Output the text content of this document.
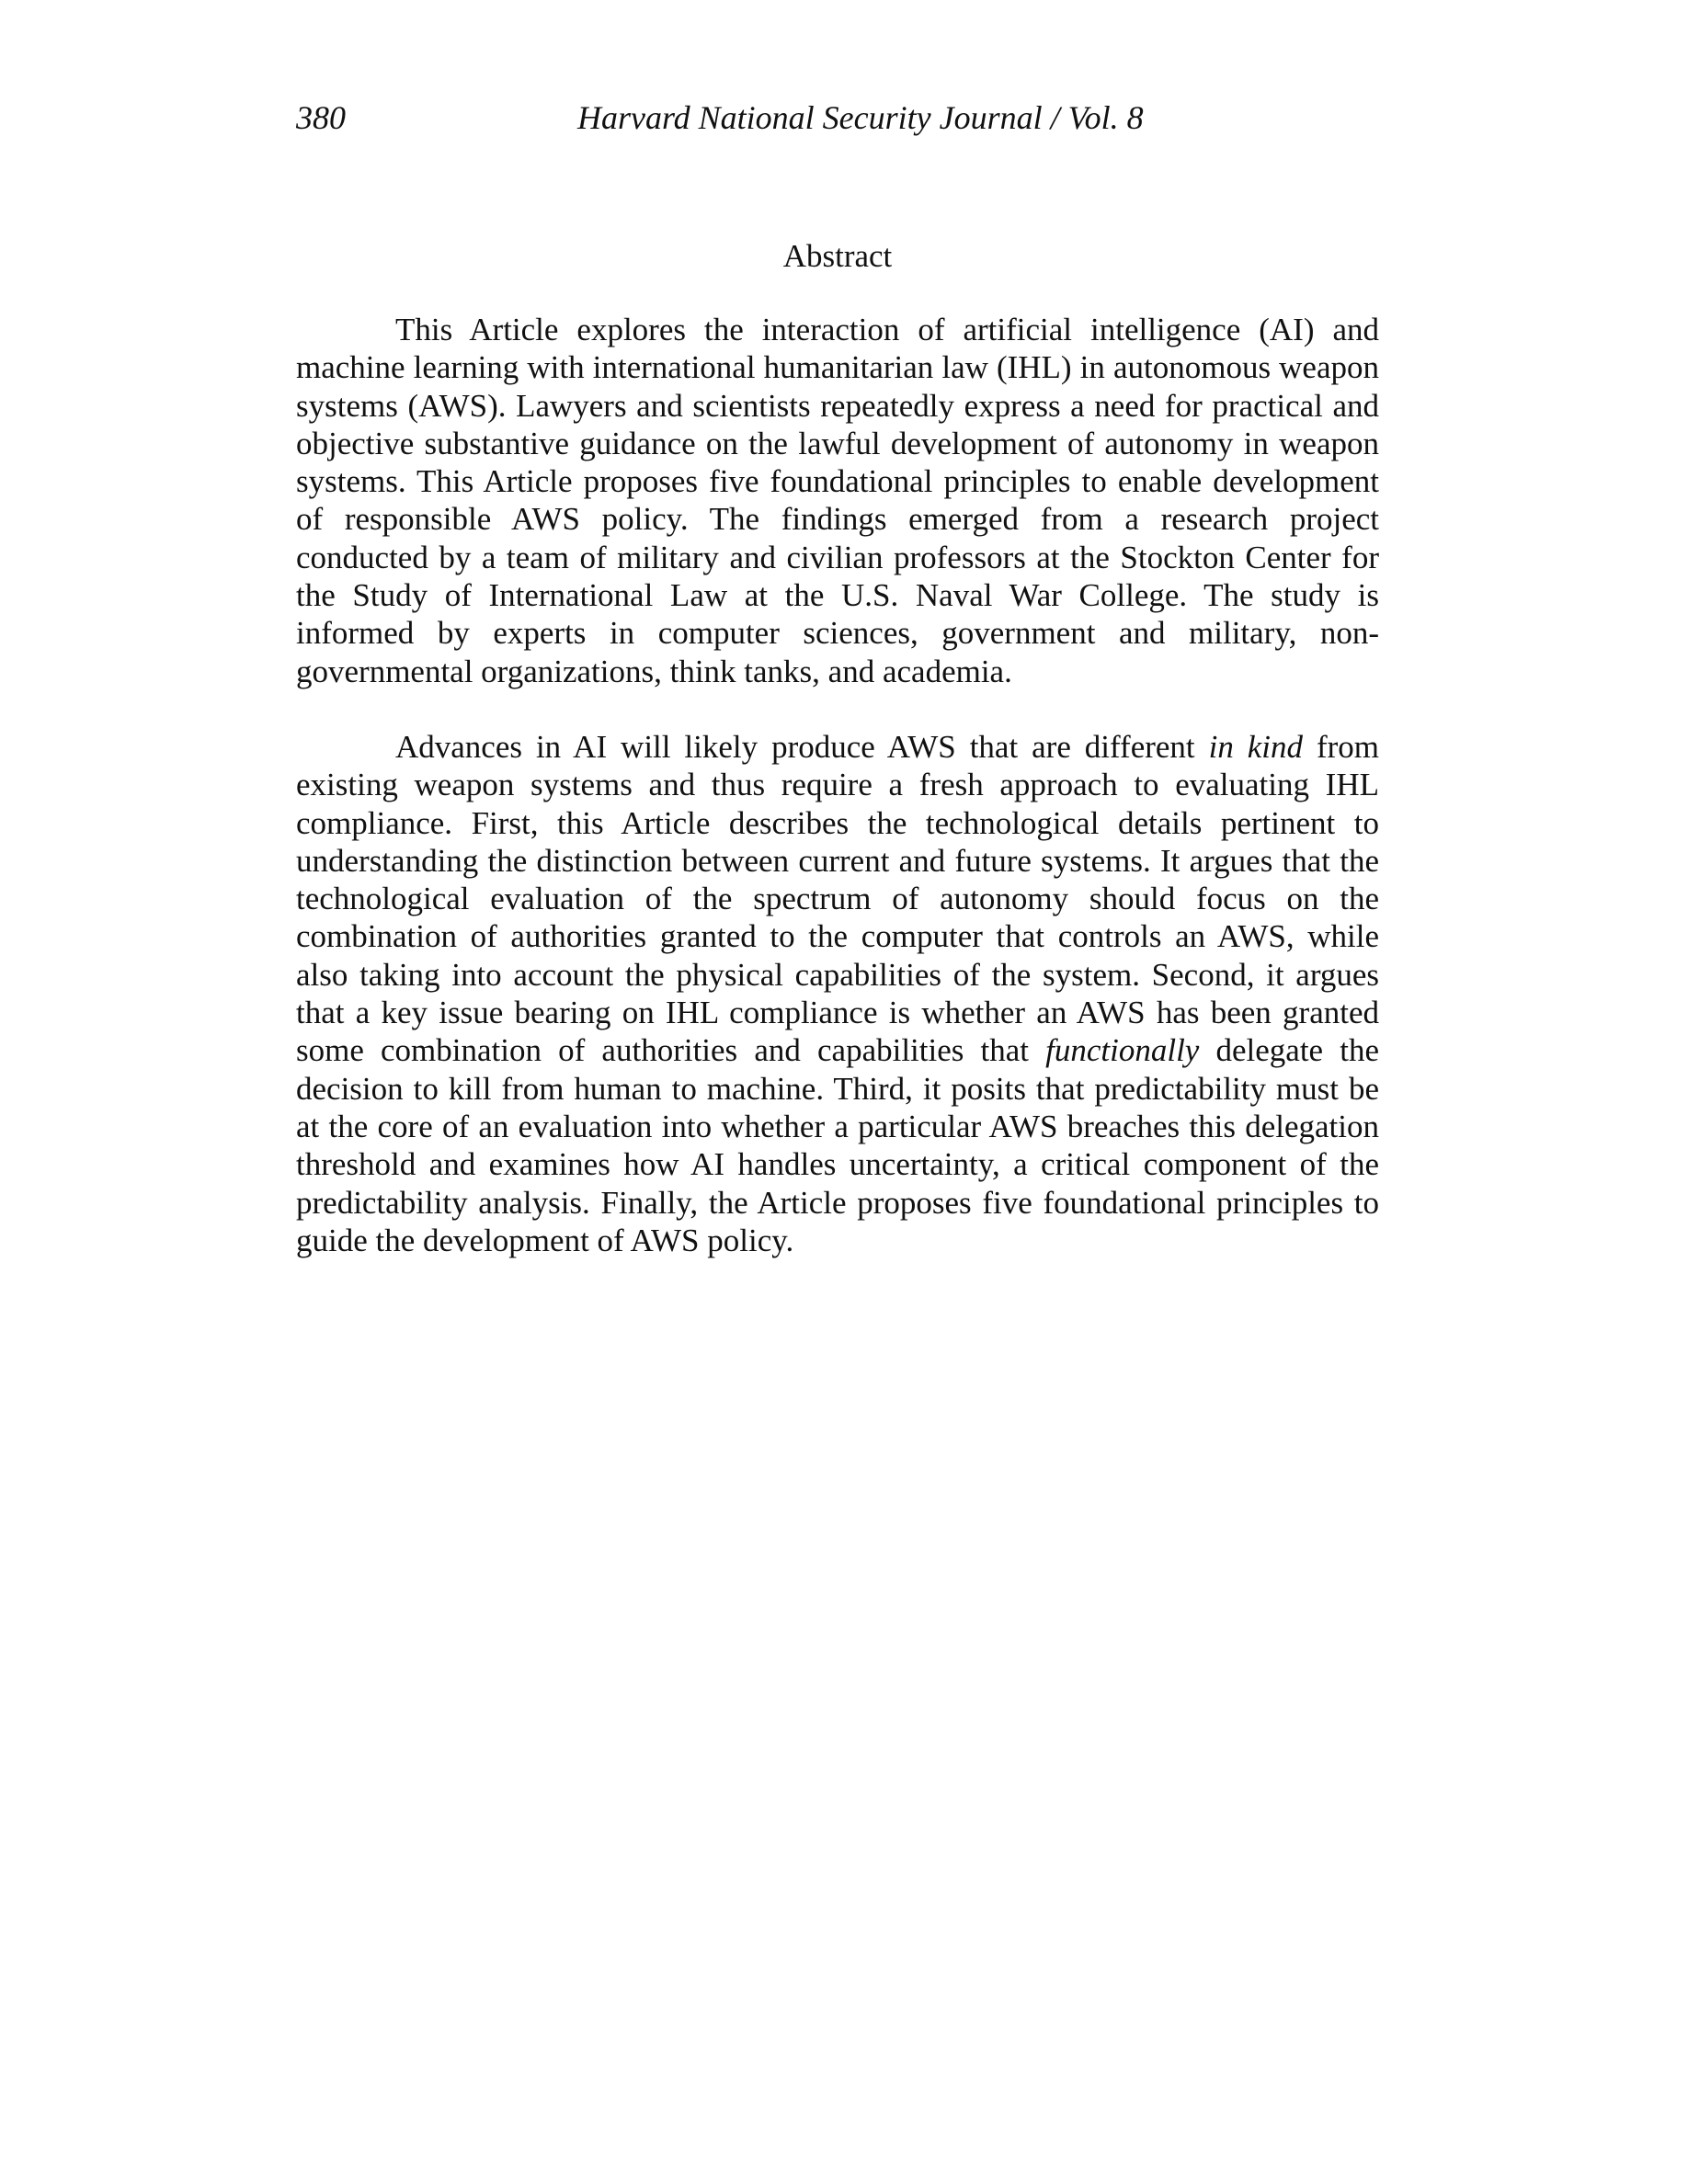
380	Harvard National Security Journal / Vol. 8
Abstract

This Article explores the interaction of artificial intelligence (AI) and machine learning with international humanitarian law (IHL) in autonomous weapon systems (AWS). Lawyers and scientists repeatedly express a need for practical and objective substantive guidance on the lawful development of autonomy in weapon systems. This Article proposes five foundational principles to enable development of responsible AWS policy. The findings emerged from a research project conducted by a team of military and civilian professors at the Stockton Center for the Study of International Law at the U.S. Naval War College. The study is informed by experts in computer sciences, government and military, non-governmental organizations, think tanks, and academia.

Advances in AI will likely produce AWS that are different in kind from existing weapon systems and thus require a fresh approach to evaluating IHL compliance. First, this Article describes the technological details pertinent to understanding the distinction between current and future systems. It argues that the technological evaluation of the spectrum of autonomy should focus on the combination of authorities granted to the computer that controls an AWS, while also taking into account the physical capabilities of the system. Second, it argues that a key issue bearing on IHL compliance is whether an AWS has been granted some combination of authorities and capabilities that functionally delegate the decision to kill from human to machine. Third, it posits that predictability must be at the core of an evaluation into whether a particular AWS breaches this delegation threshold and examines how AI handles uncertainty, a critical component of the predictability analysis. Finally, the Article proposes five foundational principles to guide the development of AWS policy.
